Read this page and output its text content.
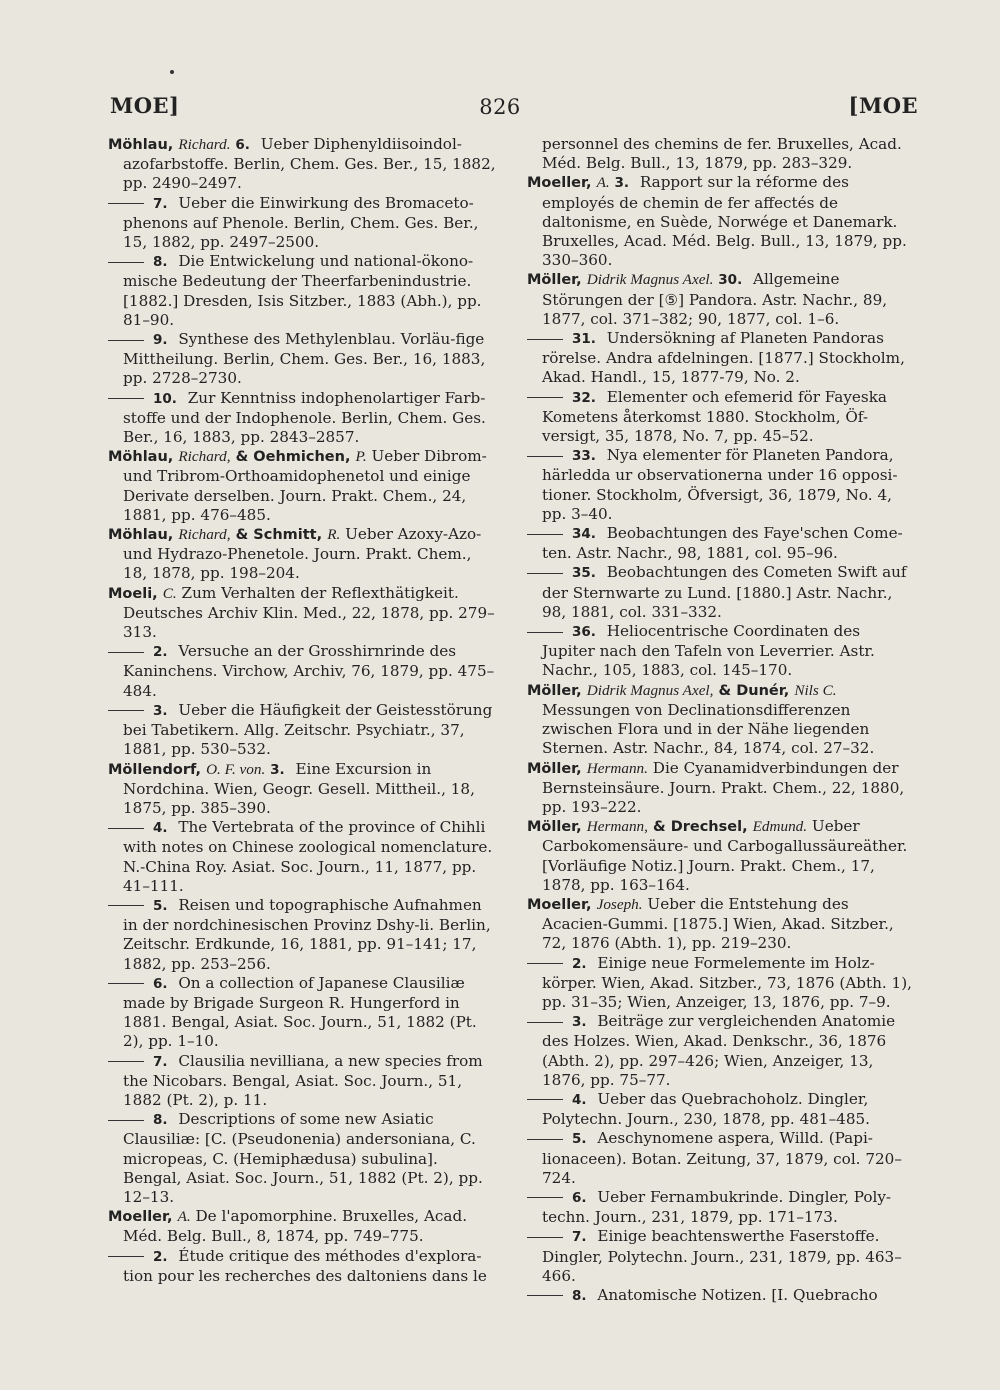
MOE]	826	[MOE

Möhlau, Richard. 6. Ueber Diphenyldiisoindol-azofarbstoffe. Berlin, Chem. Ges. Ber., 15, 1882, pp. 2490–2497.

7. Ueber die Einwirkung des Bromaceto-phenons auf Phenole. Berlin, Chem. Ges. Ber., 15, 1882, pp. 2497–2500.

8. Die Entwickelung und national-ökono-mische Bedeutung der Theerfarbenindustrie. [1882.] Dresden, Isis Sitzber., 1883 (Abh.), pp. 81–90.

9. Synthese des Methylenblau. Vorläu-fige Mittheilung. Berlin, Chem. Ges. Ber., 16, 1883, pp. 2728–2730.

10. Zur Kenntniss indophenolartiger Farb-stoffe und der Indophenole. Berlin, Chem. Ges. Ber., 16, 1883, pp. 2843–2857.

Möhlau, Richard, & Oehmichen, P. Ueber Dibrom- und Tribrom-Orthoamidophenetol und einige Derivate derselben. Journ. Prakt. Chem., 24, 1881, pp. 476–485.

Möhlau, Richard, & Schmitt, R. Ueber Azoxy-Azo- und Hydrazo-Phenetole. Journ. Prakt. Chem., 18, 1878, pp. 198–204.

Moeli, C. Zum Verhalten der Reflexthätigkeit. Deutsches Archiv Klin. Med., 22, 1878, pp. 279–313.

2. Versuche an der Grosshirnrinde des Kaninchens. Virchow, Archiv, 76, 1879, pp. 475–484.

3. Ueber die Häufigkeit der Geistesstörung bei Tabetikern. Allg. Zeitschr. Psychiatr., 37, 1881, pp. 530–532.

Möllendorf, O. F. von. 3. Eine Excursion in Nordchina. Wien, Geogr. Gesell. Mittheil., 18, 1875, pp. 385–390.

4. The Vertebrata of the province of Chihli with notes on Chinese zoological nomenclature. N.-China Roy. Asiat. Soc. Journ., 11, 1877, pp. 41–111.

5. Reisen und topographische Aufnahmen in der nordchinesischen Provinz Dshy-li. Berlin, Zeitschr. Erdkunde, 16, 1881, pp. 91–141; 17, 1882, pp. 253–256.

6. On a collection of Japanese Clausiliæ made by Brigade Surgeon R. Hungerford in 1881. Bengal, Asiat. Soc. Journ., 51, 1882 (Pt. 2), pp. 1–10.

7. Clausilia nevilliana, a new species from the Nicobars. Bengal, Asiat. Soc. Journ., 51, 1882 (Pt. 2), p. 11.

8. Descriptions of some new Asiatic Clausiliæ: [C. (Pseudonenia) andersoniana, C. micropeas, C. (Hemiphædusa) subulina]. Bengal, Asiat. Soc. Journ., 51, 1882 (Pt. 2), pp. 12–13.

Moeller, A. De l'apomorphine. Bruxelles, Acad. Méd. Belg. Bull., 8, 1874, pp. 749–775.

2. Étude critique des méthodes d'explora-tion pour les recherches des daltoniens dans le

personnel des chemins de fer. Bruxelles, Acad. Méd. Belg. Bull., 13, 1879, pp. 283–329.

Moeller, A. 3. Rapport sur la réforme des employés de chemin de fer affectés de daltonisme, en Suède, Norwége et Danemark. Bruxelles, Acad. Méd. Belg. Bull., 13, 1879, pp. 330–360.

Möller, Didrik Magnus Axel. 30. Allgemeine Störungen der [⑤] Pandora. Astr. Nachr., 89, 1877, col. 371–382; 90, 1877, col. 1–6.

31. Undersökning af Planeten Pandoras rörelse. Andra afdelningen. [1877.] Stockholm, Akad. Handl., 15, 1877-79, No. 2.

32. Elementer och efemerid för Fayeska Kometens återkomst 1880. Stockholm, Öf-versigt, 35, 1878, No. 7, pp. 45–52.

33. Nya elementer för Planeten Pandora, härledda ur observationerna under 16 opposi-tioner. Stockholm, Öfversigt, 36, 1879, No. 4, pp. 3–40.

34. Beobachtungen des Faye'schen Come-ten. Astr. Nachr., 98, 1881, col. 95–96.

35. Beobachtungen des Cometen Swift auf der Sternwarte zu Lund. [1880.] Astr. Nachr., 98, 1881, col. 331–332.

36. Heliocentrische Coordinaten des Jupiter nach den Tafeln von Leverrier. Astr. Nachr., 105, 1883, col. 145–170.

Möller, Didrik Magnus Axel, & Dunér, Nils C. Messungen von Declinationsdifferenzen zwischen Flora und in der Nähe liegenden Sternen. Astr. Nachr., 84, 1874, col. 27–32.

Möller, Hermann. Die Cyanamidverbindungen der Bernsteinsäure. Journ. Prakt. Chem., 22, 1880, pp. 193–222.

Möller, Hermann, & Drechsel, Edmund. Ueber Carbokomensäure- und Carbogallussäureäther. [Vorläufige Notiz.] Journ. Prakt. Chem., 17, 1878, pp. 163–164.

Moeller, Joseph. Ueber die Entstehung des Acacien-Gummi. [1875.] Wien, Akad. Sitzber., 72, 1876 (Abth. 1), pp. 219–230.

2. Einige neue Formelemente im Holz-körper. Wien, Akad. Sitzber., 73, 1876 (Abth. 1), pp. 31–35; Wien, Anzeiger, 13, 1876, pp. 7–9.

3. Beiträge zur vergleichenden Anatomie des Holzes. Wien, Akad. Denkschr., 36, 1876 (Abth. 2), pp. 297–426; Wien, Anzeiger, 13, 1876, pp. 75–77.

4. Ueber das Quebrachoholz. Dingler, Polytechn. Journ., 230, 1878, pp. 481–485.

5. Aeschynomene aspera, Willd. (Papi-lionaceen). Botan. Zeitung, 37, 1879, col. 720–724.

6. Ueber Fernambukrinde. Dingler, Poly-techn. Journ., 231, 1879, pp. 171–173.

7. Einige beachtenswerthe Faserstoffe. Dingler, Polytechn. Journ., 231, 1879, pp. 463–466.

8. Anatomische Notizen. [I. Quebracho
